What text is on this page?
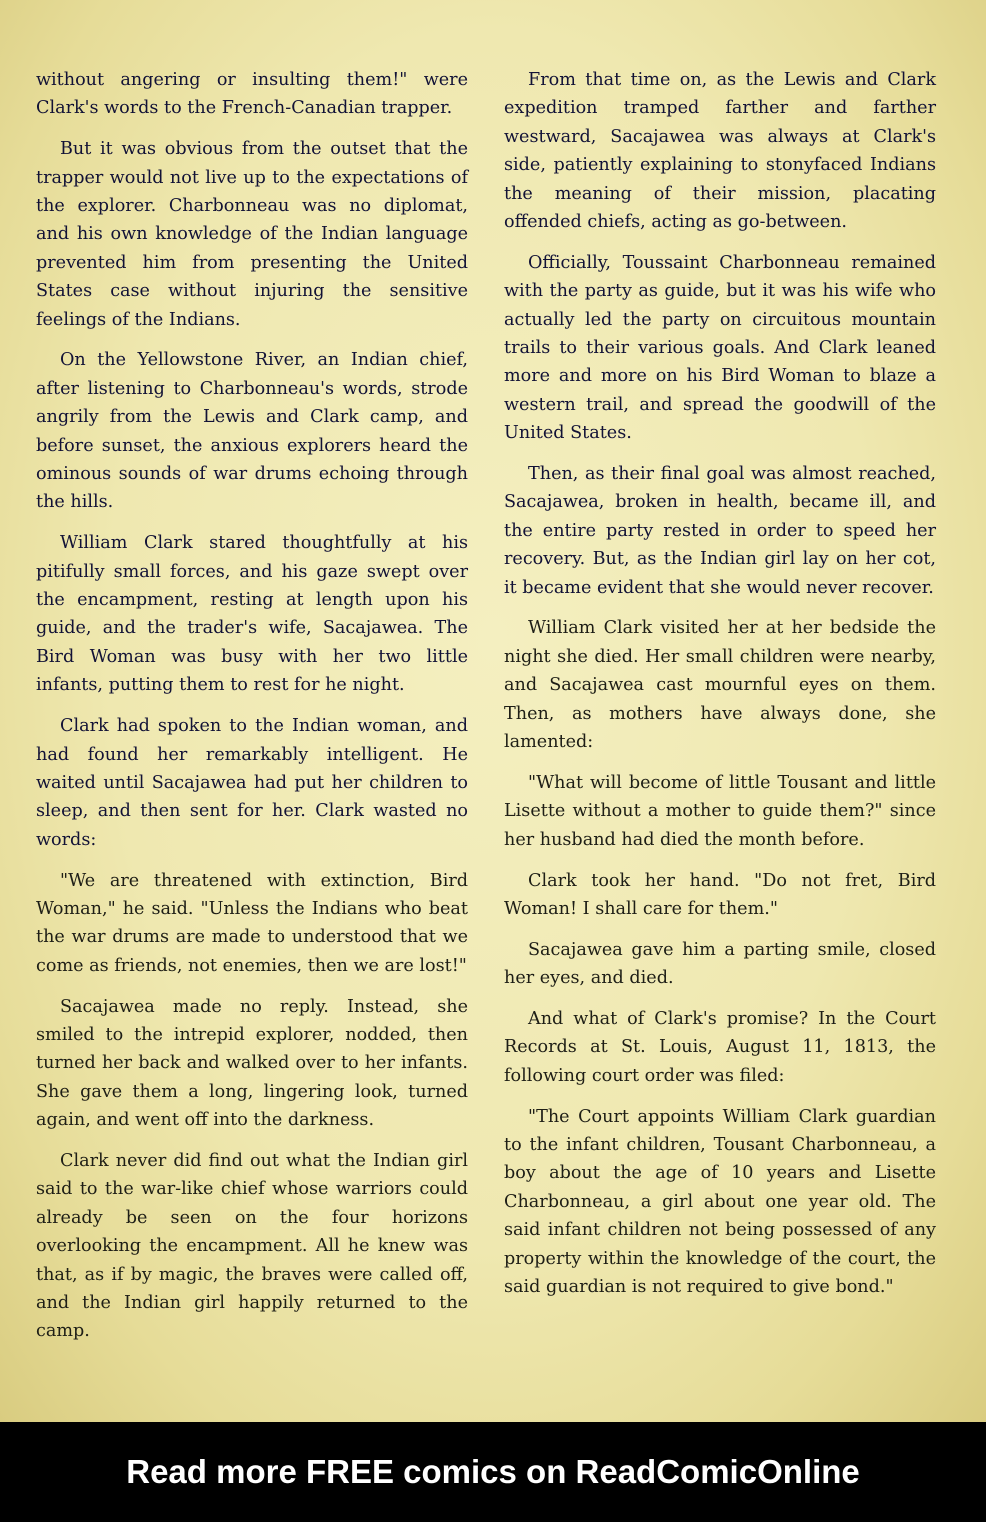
without angering or insulting them!" were Clark's words to the French-Canadian trapper.

But it was obvious from the outset that the trapper would not live up to the expectations of the explorer. Charbonneau was no diplomat, and his own knowledge of the Indian language prevented him from presenting the United States case without injuring the sensitive feelings of the Indians.

On the Yellowstone River, an Indian chief, after listening to Charbonneau's words, strode angrily from the Lewis and Clark camp, and before sunset, the anxious explorers heard the ominous sounds of war drums echoing through the hills.

William Clark stared thoughtfully at his pitifully small forces, and his gaze swept over the encampment, resting at length upon his guide, and the trader's wife, Sacajawea. The Bird Woman was busy with her two little infants, putting them to rest for he night.

Clark had spoken to the Indian woman, and had found her remarkably intelligent. He waited until Sacajawea had put her children to sleep, and then sent for her. Clark wasted no words:

"We are threatened with extinction, Bird Woman," he said. "Unless the Indians who beat the war drums are made to understood that we come as friends, not enemies, then we are lost!"

Sacajawea made no reply. Instead, she smiled to the intrepid explorer, nodded, then turned her back and walked over to her infants. She gave them a long, lingering look, turned again, and went off into the darkness.

Clark never did find out what the Indian girl said to the war-like chief whose warriors could already be seen on the four horizons overlooking the encampment. All he knew was that, as if by magic, the braves were called off, and the Indian girl happily returned to the camp.

From that time on, as the Lewis and Clark expedition tramped farther and farther westward, Sacajawea was always at Clark's side, patiently explaining to stonyfaced Indians the meaning of their mission, placating offended chiefs, acting as go-between.

Officially, Toussaint Charbonneau remained with the party as guide, but it was his wife who actually led the party on circuitous mountain trails to their various goals. And Clark leaned more and more on his Bird Woman to blaze a western trail, and spread the goodwill of the United States.

Then, as their final goal was almost reached, Sacajawea, broken in health, became ill, and the entire party rested in order to speed her recovery. But, as the Indian girl lay on her cot, it became evident that she would never recover.

William Clark visited her at her bedside the night she died. Her small children were nearby, and Sacajawea cast mournful eyes on them. Then, as mothers have always done, she lamented:

"What will become of little Tousant and little Lisette without a mother to guide them?" since her husband had died the month before.

Clark took her hand. "Do not fret, Bird Woman! I shall care for them."

Sacajawea gave him a parting smile, closed her eyes, and died.

And what of Clark's promise? In the Court Records at St. Louis, August 11, 1813, the following court order was filed:

"The Court appoints William Clark guardian to the infant children, Tousant Charbonneau, a boy about the age of 10 years and Lisette Charbonneau, a girl about one year old. The said infant children not being possessed of any property within the knowledge of the court, the said guardian is not required to give bond."

Read more FREE comics on ReadComicOnline
